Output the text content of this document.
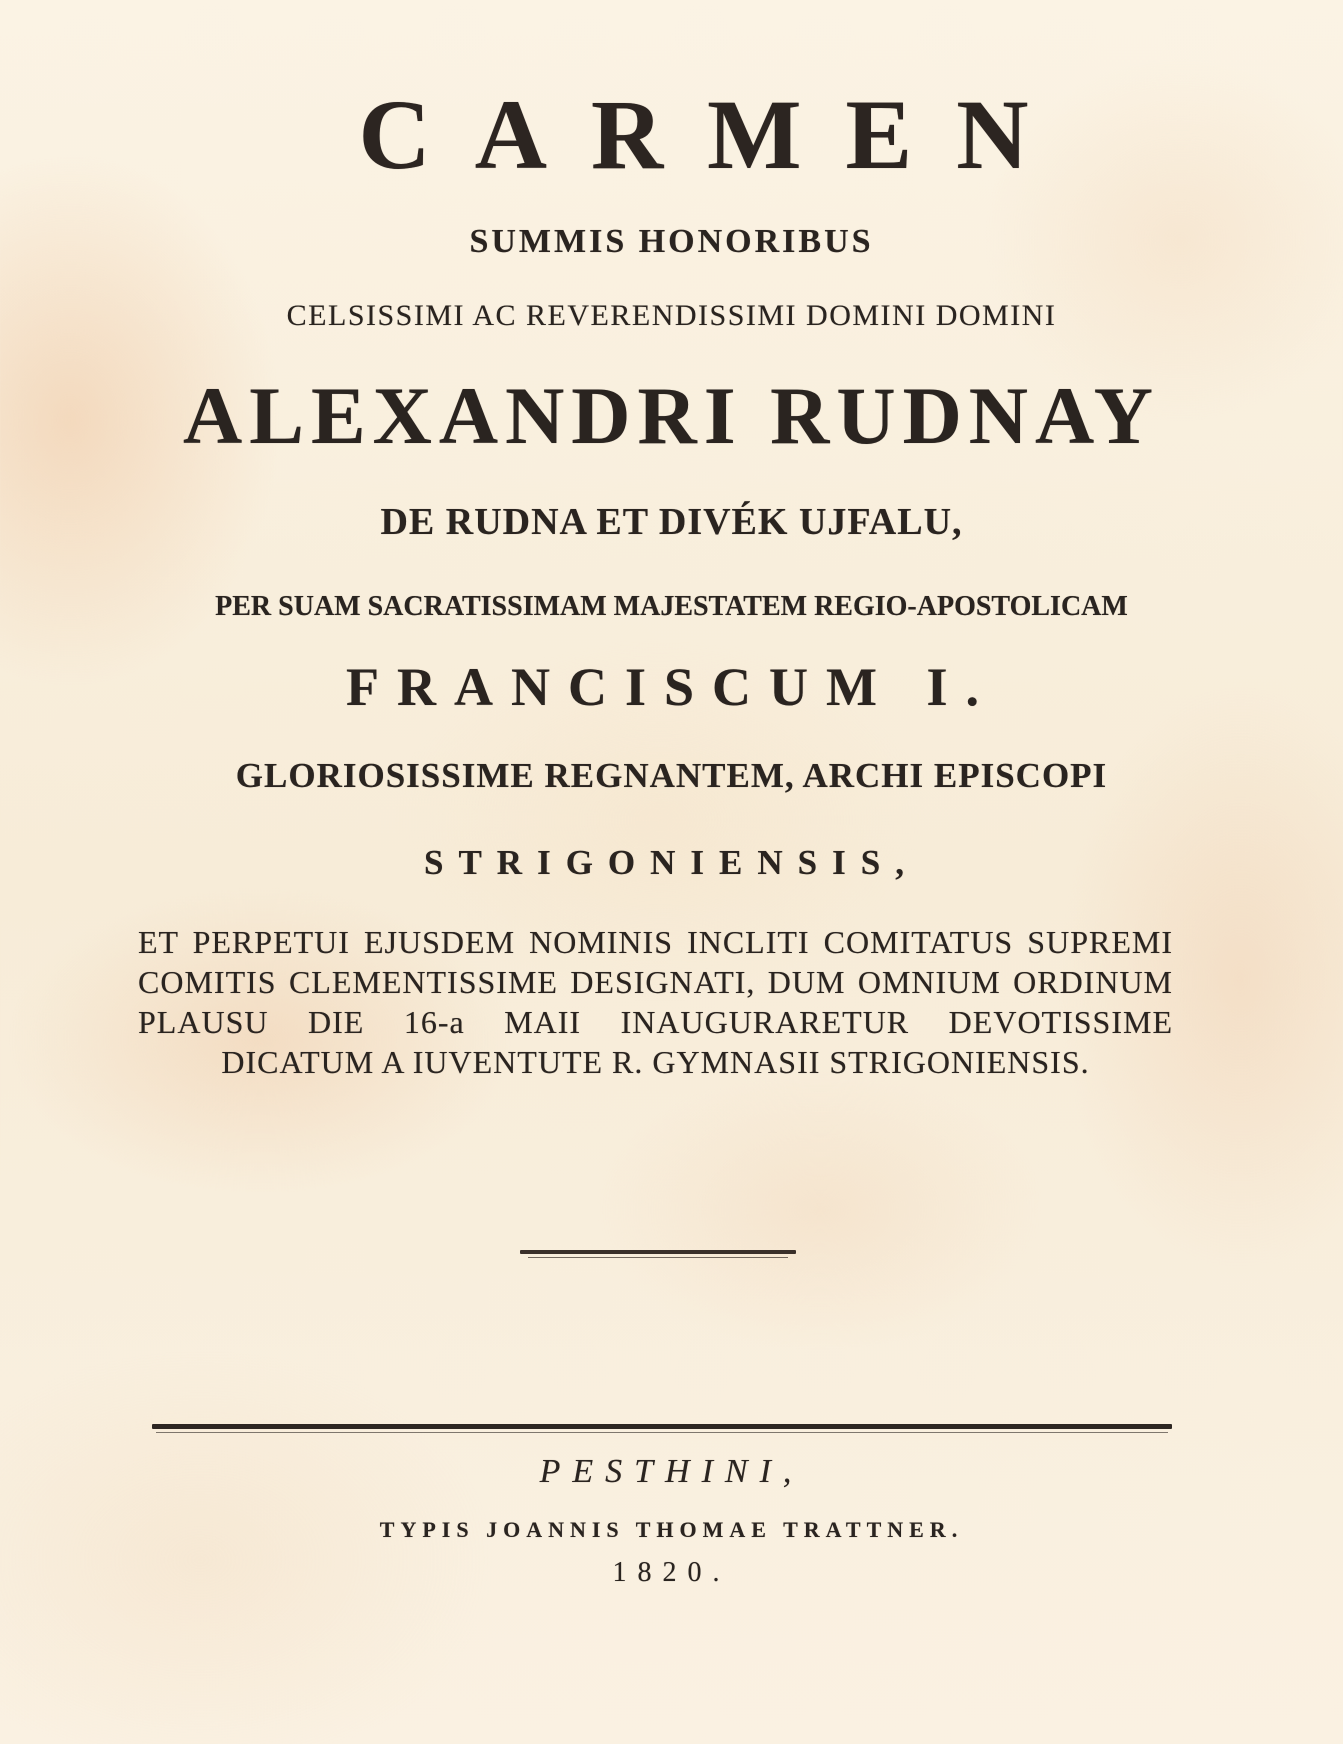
CARMEN

SUMMIS HONORIBUS

CELSISSIMI AC REVERENDISSIMI DOMINI DOMINI

ALEXANDRI RUDNAY

DE RUDNA ET DIVÉK UJFALU,

PER SUAM SACRATISSIMAM MAJESTATEM REGIO-APOSTOLICAM

FRANCISCUM I.

GLORIOSISSIME REGNANTEM, ARCHI EPISCOPI

STRIGONIENSIS,

ET PERPETUI EJUSDEM NOMINIS INCLITI COMITATUS SUPREMI COMITIS CLEMENTISSIME DESIGNATI, DUM OMNIUM ORDINUM PLAUSU DIE 16-a MAII INAUGURARETUR DEVOTISSIME DICATUM A IUVENTUTE R. GYMNASII STRIGONIENSIS.

PESTHINI,

TYPIS JOANNIS THOMAE TRATTNER.

1820.
